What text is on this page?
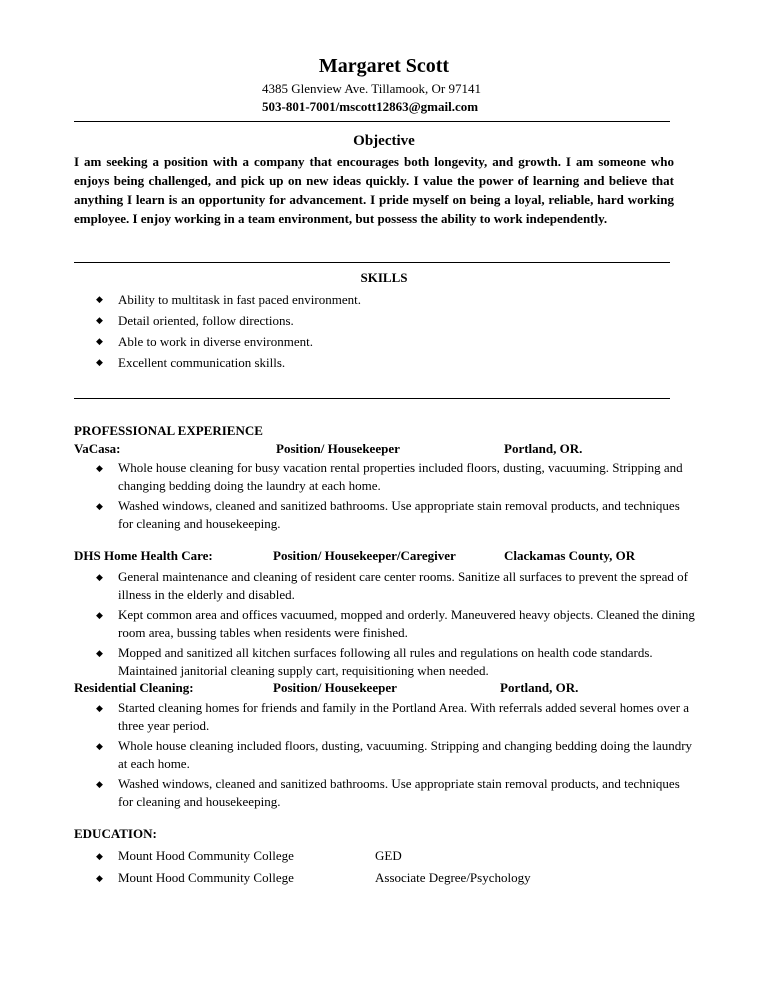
Margaret Scott
4385 Glenview Ave. Tillamook, Or 97141
503-801-7001/mscott12863@gmail.com
Objective
I am seeking a position with a company that encourages both longevity, and growth. I am someone who enjoys being challenged, and pick up on new ideas quickly. I value the power of learning and believe that anything I learn is an opportunity for advancement. I pride myself on being a loyal, reliable, hard working employee. I enjoy working in a team environment, but possess the ability to work independently.
SKILLS
◆ Ability to multitask in fast paced environment.
◆ Detail oriented, follow directions.
◆ Able to work in diverse environment.
◆ Excellent communication skills.
PROFESSIONAL EXPERIENCE
VaCasa:	Position/ Housekeeper	Portland, OR.
◆ Whole house cleaning for busy vacation rental properties included floors, dusting, vacuuming. Stripping and changing bedding doing the laundry at each home.
◆ Washed windows, cleaned and sanitized bathrooms. Use appropriate stain removal products, and techniques for cleaning and housekeeping.
DHS Home Health Care:	Position/ Housekeeper/Caregiver	Clackamas County, OR
◆ General maintenance and cleaning of resident care center rooms. Sanitize all surfaces to prevent the spread of illness in the elderly and disabled.
◆ Kept common area and offices vacuumed, mopped and orderly. Maneuvered heavy objects. Cleaned the dining room area, bussing tables when residents were finished.
◆ Mopped and sanitized all kitchen surfaces following all rules and regulations on health code standards. Maintained janitorial cleaning supply cart, requisitioning when needed.
Residential Cleaning:	Position/ Housekeeper	Portland, OR.
◆ Started cleaning homes for friends and family in the Portland Area. With referrals added several homes over a three year period.
◆ Whole house cleaning included floors, dusting, vacuuming. Stripping and changing bedding doing the laundry at each home.
◆ Washed windows, cleaned and sanitized bathrooms. Use appropriate stain removal products, and techniques for cleaning and housekeeping.
EDUCATION:
◆ Mount Hood Community College	GED
◆ Mount Hood Community College	Associate Degree/Psychology
